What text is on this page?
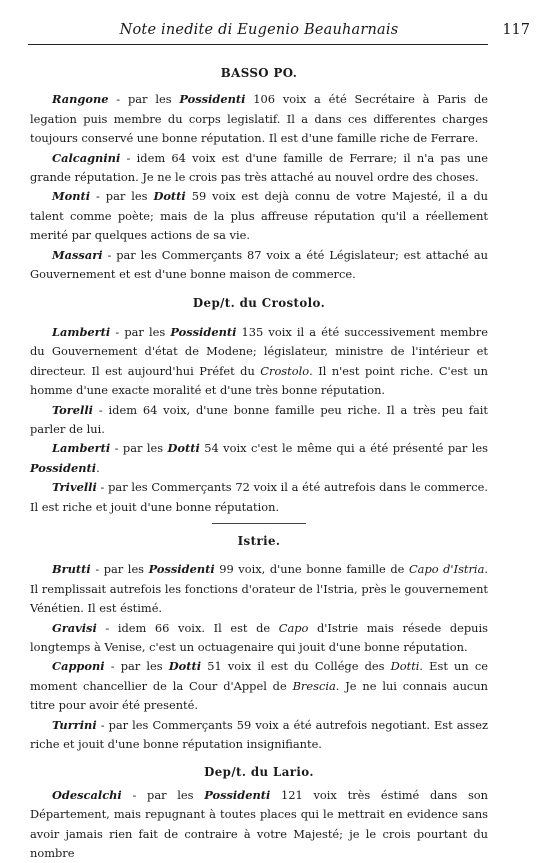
Note inedite di Eugenio Beauharnais	117
BASSO PO.

Rangone - par les Possidenti 106 voix a été Secrétaire à Paris de legation puis membre du corps legislatif. Il a dans ces differentes charges toujours conservé une bonne réputation. Il est d'une famille riche de Ferrare.

Calcagnini - idem 64 voix est d'une famille de Ferrare; il n'a pas une grande réputation. Je ne le crois pas très attaché au nouvel ordre des choses.

Monti - par les Dotti 59 voix est dejà connu de votre Majesté, il a du talent comme poète; mais de la plus affreuse réputation qu'il a réellement merité par quelques actions de sa vie.

Massari - par les Commerçants 87 voix a été Législateur; est attaché au Gouvernement et est d'une bonne maison de commerce.

Dep/t. du Crostolo.

Lamberti - par les Possidenti 135 voix il a été successivement membre du Gouvernement d'état de Modene; législateur, ministre de l'intérieur et directeur. Il est aujourd'hui Préfet du Crostolo. Il n'est point riche. C'est un homme d'une exacte moralité et d'une très bonne réputation.

Torelli - idem 64 voix, d'une bonne famille peu riche. Il a très peu fait parler de lui.

Lamberti - par les Dotti 54 voix c'est le même qui a été présenté par les Possidenti.

Trivelli - par les Commerçants 72 voix il a été autrefois dans le commerce. Il est riche et jouit d'une bonne réputation.

Istrie.

Brutti - par les Possidenti 99 voix, d'une bonne famille de Capo d'Istria. Il remplissait autrefois les fonctions d'orateur de l'Istria, près le gouvernement Vénétien. Il est éstimé.

Gravisi - idem 66 voix. Il est de Capo d'Istrie mais résede depuis longtemps à Venise, c'est un octuagenaire qui jouit d'une bonne réputation.

Capponi - par les Dotti 51 voix il est du Collége des Dotti. Est un ce moment chancellier de la Cour d'Appel de Brescia. Je ne lui connais aucun titre pour avoir été presenté.

Turrini - par les Commerçants 59 voix a été autrefois negotiant. Est assez riche et jouit d'une bonne réputation insignifiante.

Dep/t. du Lario.

Odescalchi - par les Possidenti 121 voix très éstimé dans son Département, mais repugnant à toutes places qui le mettrait en evidence sans avoir jamais rien fait de contraire à votre Majesté; je le crois pourtant du nombre
